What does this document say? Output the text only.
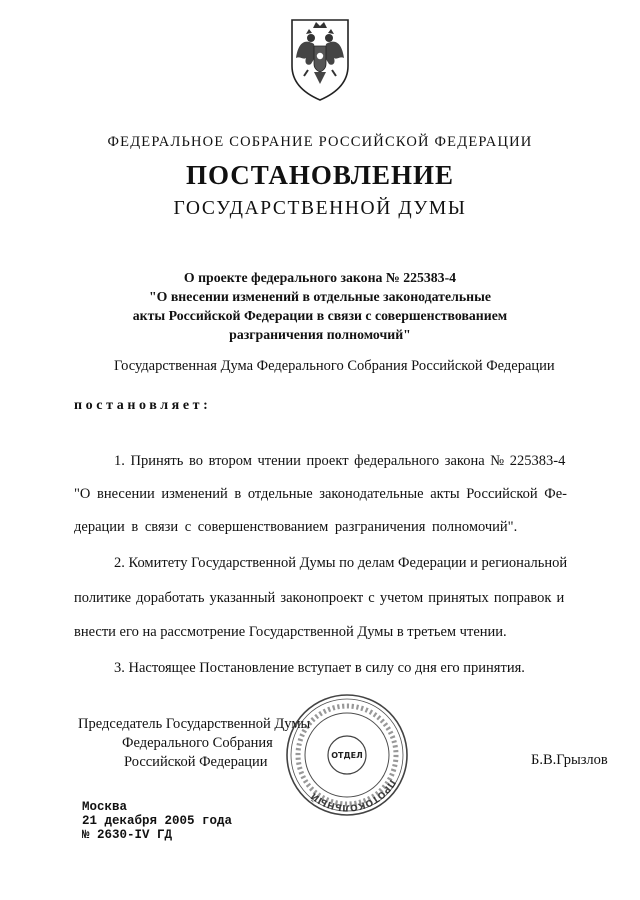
ФЕДЕРАЛЬНОЕ СОБРАНИЕ РОССИЙСКОЙ ФЕДЕРАЦИИ
ПОСТАНОВЛЕНИЕ
ГОСУДАРСТВЕННОЙ ДУМЫ
О проекте федерального закона № 225383-4
"О внесении изменений в отдельные законодательные
акты Российской Федерации в связи с совершенствованием
разграничения полномочий"
Государственная Дума Федерального Собрания Российской Федерации
постановляет:
1. Принять во втором чтении проект федерального закона № 225383-4
"О внесении изменений в отдельные законодательные акты Российской Фе-
дерации в связи с совершенствованием разграничения полномочий".
2. Комитету Государственной Думы по делам Федерации и региональной
политике доработать указанный законопроект с учетом принятых поправок и
внести его на рассмотрение Государственной Думы в третьем чтении.
3. Настоящее Постановление вступает в силу со дня его принятия.
Председатель Государственной Думы
Федерального Собрания
Российской Федерации	Б.В.Грызлов
ПРОТОКОЛЬНЫЙ
ОТДЕЛ
Москва
21 декабря 2005 года
№ 2630-IV ГД
